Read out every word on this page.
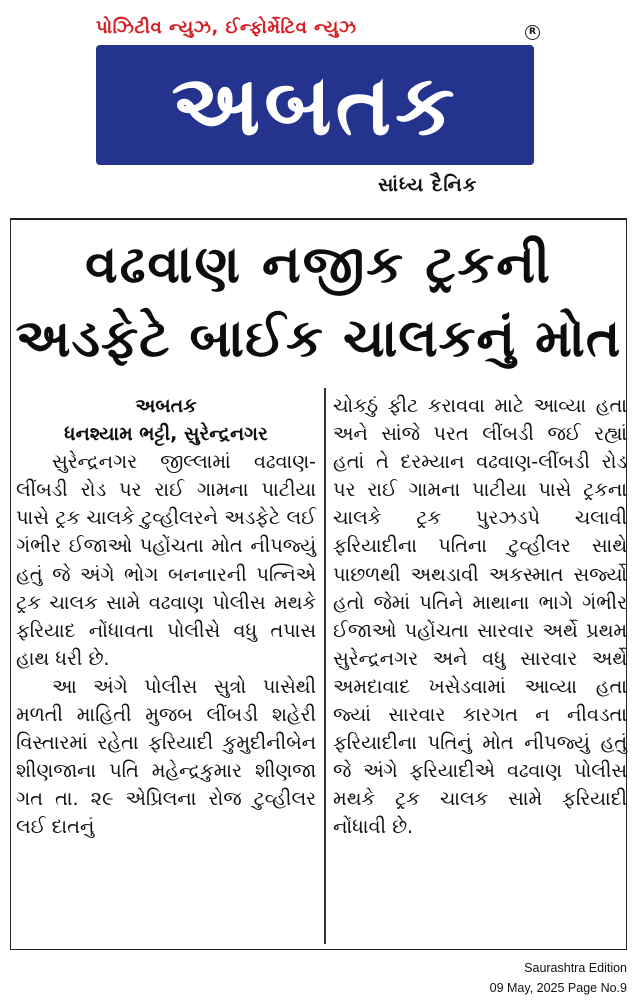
પોઝિટીવ ન્યુઝ, ઈન્ફોર્મેટિવ ન્યુઝ	R
અબતક
સાંધ્ય દૈનિક
વઢવાણ નજીક ટ્રકની
અડફેટે બાઈક ચાલકનું મોત
અબતક
ધનશ્યામ ભટ્ટી, સુરેન્દ્રનગર

સુરેન્દ્રનગર જીલ્લામાં વઢવાણ-લીંબડી રોડ પર રાઈ ગામના પાટીયા પાસે ટ્રક ચાલકે ટુવ્હીલરને અડફેટે લઈ ગંભીર ઈજાઓ પહોંચતા મોત નીપજ્યું હતું જે અંગે ભોગ બનનારની પત્નિએ ટ્રક ચાલક સામે વઢવાણ પોલીસ મથકે ફરિયાદ નોંધાવતા પોલીસે વધુ તપાસ હાથ ધરી છે.

આ અંગે પોલીસ સુત્રો પાસેથી મળતી માહિતી મુજબ લીંબડી શહેરી વિસ્તારમાં રહેતા ફરિયાદી કુમુદીનીબેન શીણજાના પતિ મહેન્દ્રકુમાર શીણજા ગત તા. ૨૯ એપ્રિલના રોજ ટુવ્હીલર લઈ દાતનું

ચોકઠું ફીટ કરાવવા માટે આવ્યા હતા અને સાંજે પરત લીંબડી જઈ રહ્યાં હતાં તે દરમ્યાન વઢવાણ-લીંબડી રોડ પર રાઈ ગામના પાટીયા પાસે ટ્રકના ચાલકે ટ્રક પુરઝડપે ચલાવી ફરિયાદીના પતિના ટુવ્હીલર સાથે પાછળથી અથડાવી અકસ્માત સર્જ્યો હતો જેમાં પતિને માથાના ભાગે ગંભીર ઈજાઓ પહોંચતા સારવાર અર્થે પ્રથમ સુરેન્દ્રનગર અને વધુ સારવાર અર્થે અમદાવાદ ખસેડવામાં આવ્યા હતા જ્યાં સારવાર કારગત ન નીવડતા ફરિયાદીના પતિનું મોત નીપજ્યું હતું જે અંગે ફરિયાદીએ વઢવાણ પોલીસ મથકે ટ્રક ચાલક સામે ફરિયાદી નોંધાવી છે.

Saurashtra Edition
09 May, 2025 Page No.9
